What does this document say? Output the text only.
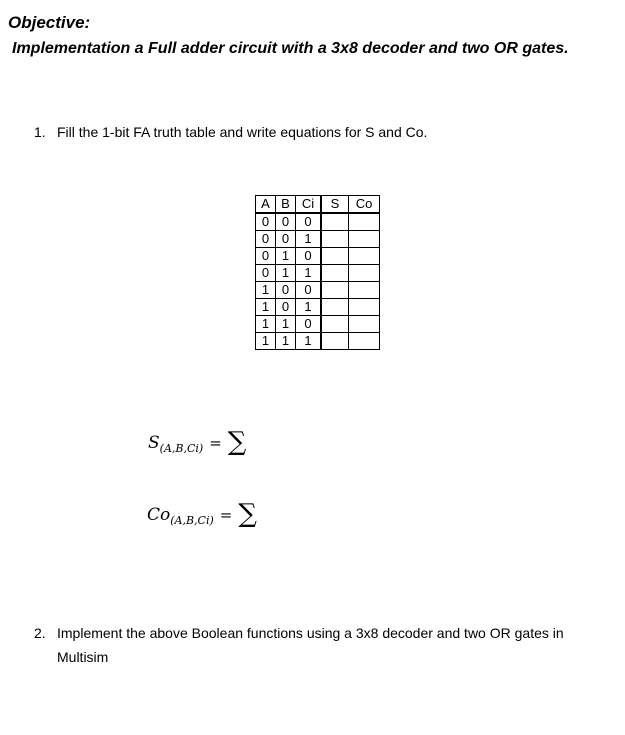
Objective:

Implementation a Full adder circuit with a 3x8 decoder and two OR gates.

1. Fill the 1-bit FA truth table and write equations for S and Co.
A	B	Ci	S	Co
0	0	0		
0	0	1		
0	1	0		
0	1	1		
1	0	0		
1	0	1		
1	1	0		
1	1	1		
S (A,B,Ci) = ∑
Co (A,B,Ci) = ∑
2. Implement the above Boolean functions using a 3x8 decoder and two OR gates in Multisim
